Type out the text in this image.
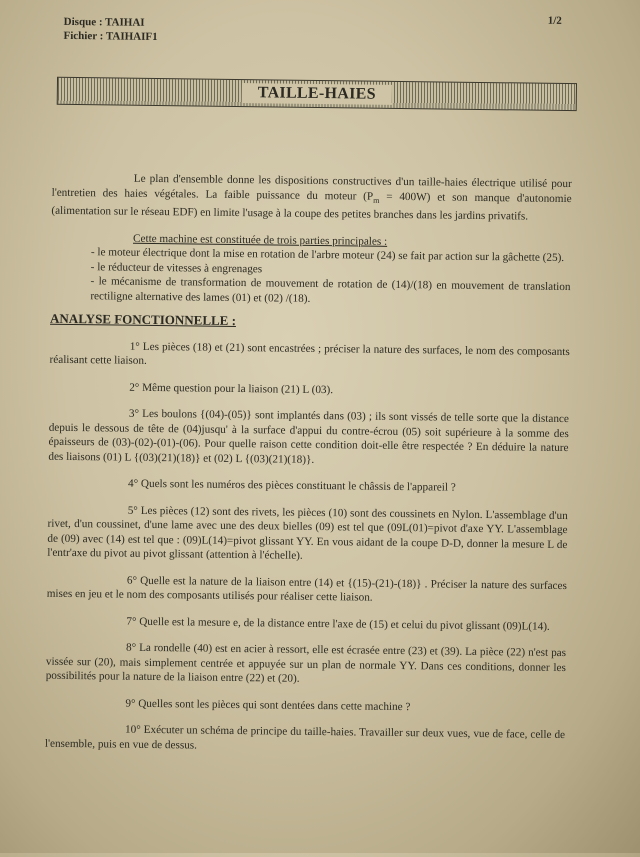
Disque : TAIHAI
Fichier : TAIHAIF1
1/2
TAILLE-HAIES

Le plan d'ensemble donne les dispositions constructives d'un taille-haies électrique utilisé pour l'entretien des haies végétales. La faible puissance du moteur $(P_m = 400W)$ et son manque d'autonomie (alimentation sur le réseau EDF) en limite l'usage à la coupe des petites branches dans les jardins privatifs.

Cette machine est constituée de trois parties principales :

- le moteur électrique dont la mise en rotation de l'arbre moteur (24) se fait par action sur la gâchette (25).

- le réducteur de vitesses à engrenages

- le mécanisme de transformation de mouvement de rotation de (14)/(18) en mouvement de translation rectiligne alternative des lames (01) et (02) /(18).

ANALYSE FONCTIONNELLE :

1° Les pièces (18) et (21) sont encastrées ; préciser la nature des surfaces, le nom des composants réalisant cette liaison.

2° Même question pour la liaison (21) L (03).

3° Les boulons {(04)-(05)} sont implantés dans (03) ; ils sont vissés de telle sorte que la distance depuis le dessous de tête de (04)jusqu' à la surface d'appui du contre-écrou (05) soit supérieure à la somme des épaisseurs de (03)-(02)-(01)-(06). Pour quelle raison cette condition doit-elle être respectée ? En déduire la nature des liaisons (01) L {(03)(21)(18)} et (02) L {(03)(21)(18)}.

4° Quels sont les numéros des pièces constituant le châssis de l'appareil ?

5° Les pièces (12) sont des rivets, les pièces (10) sont des coussinets en Nylon. L'assemblage d'un rivet, d'un coussinet, d'une lame avec une des deux bielles (09) est tel que (09L(01)=pivot d'axe YY. L'assemblage de (09) avec (14) est tel que : (09)L(14)=pivot glissant YY. En vous aidant de la coupe D-D, donner la mesure L de l'entr'axe du pivot au pivot glissant (attention à l'échelle).

6° Quelle est la nature de la liaison entre (14) et {(15)-(21)-(18)} . Préciser la nature des surfaces mises en jeu et le nom des composants utilisés pour réaliser cette liaison.

7° Quelle est la mesure e, de la distance entre l'axe de (15) et celui du pivot glissant (09)L(14).

8° La rondelle (40) est en acier à ressort, elle est écrasée entre (23) et (39). La pièce (22) n'est pas vissée sur (20), mais simplement centrée et appuyée sur un plan de normale YY. Dans ces conditions, donner les possibilités pour la nature de la liaison entre (22) et (20).

9° Quelles sont les pièces qui sont dentées dans cette machine ?

10° Exécuter un schéma de principe du taille-haies. Travailler sur deux vues, vue de face, celle de l'ensemble, puis en vue de dessus.
